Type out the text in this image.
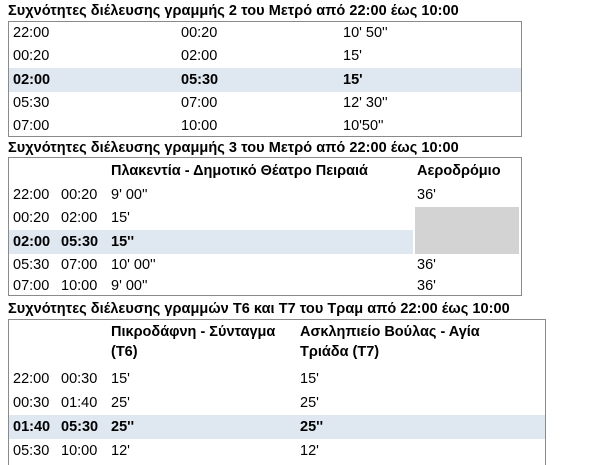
Συχνότητες διέλευσης γραμμής 2 του Μετρό από 22:00 έως 10:00
22:00	00:20	10' 50''
00:20	02:00	15'
02:00	05:30	15'
05:30	07:00	12' 30''
07:00	10:00	10'50''
Συχνότητες διέλευσης γραμμής 3 του Μετρό από 22:00 έως 10:00
Πλακεντία - Δημοτικό Θέατρο Πειραιά	Αεροδρόμιο
22:00 00:20 9' 00''	36'
00:20 02:00 15'
02:00 05:30 15''
05:30 07:00 10' 00''	36'
07:00 10:00 9' 00''	36'
Συχνότητες διέλευσης γραμμών Τ6 και Τ7 του Τραμ από 22:00 έως 10:00
Πικροδάφνη - Σύνταγμα
(Τ6)
Ασκληπιείο Βούλας - Αγία
Τριάδα (Τ7)
22:00 00:30 15'	15'
00:30 01:40 25'	25'
01:40 05:30 25''	25''
05:30 10:00 12'	12'
